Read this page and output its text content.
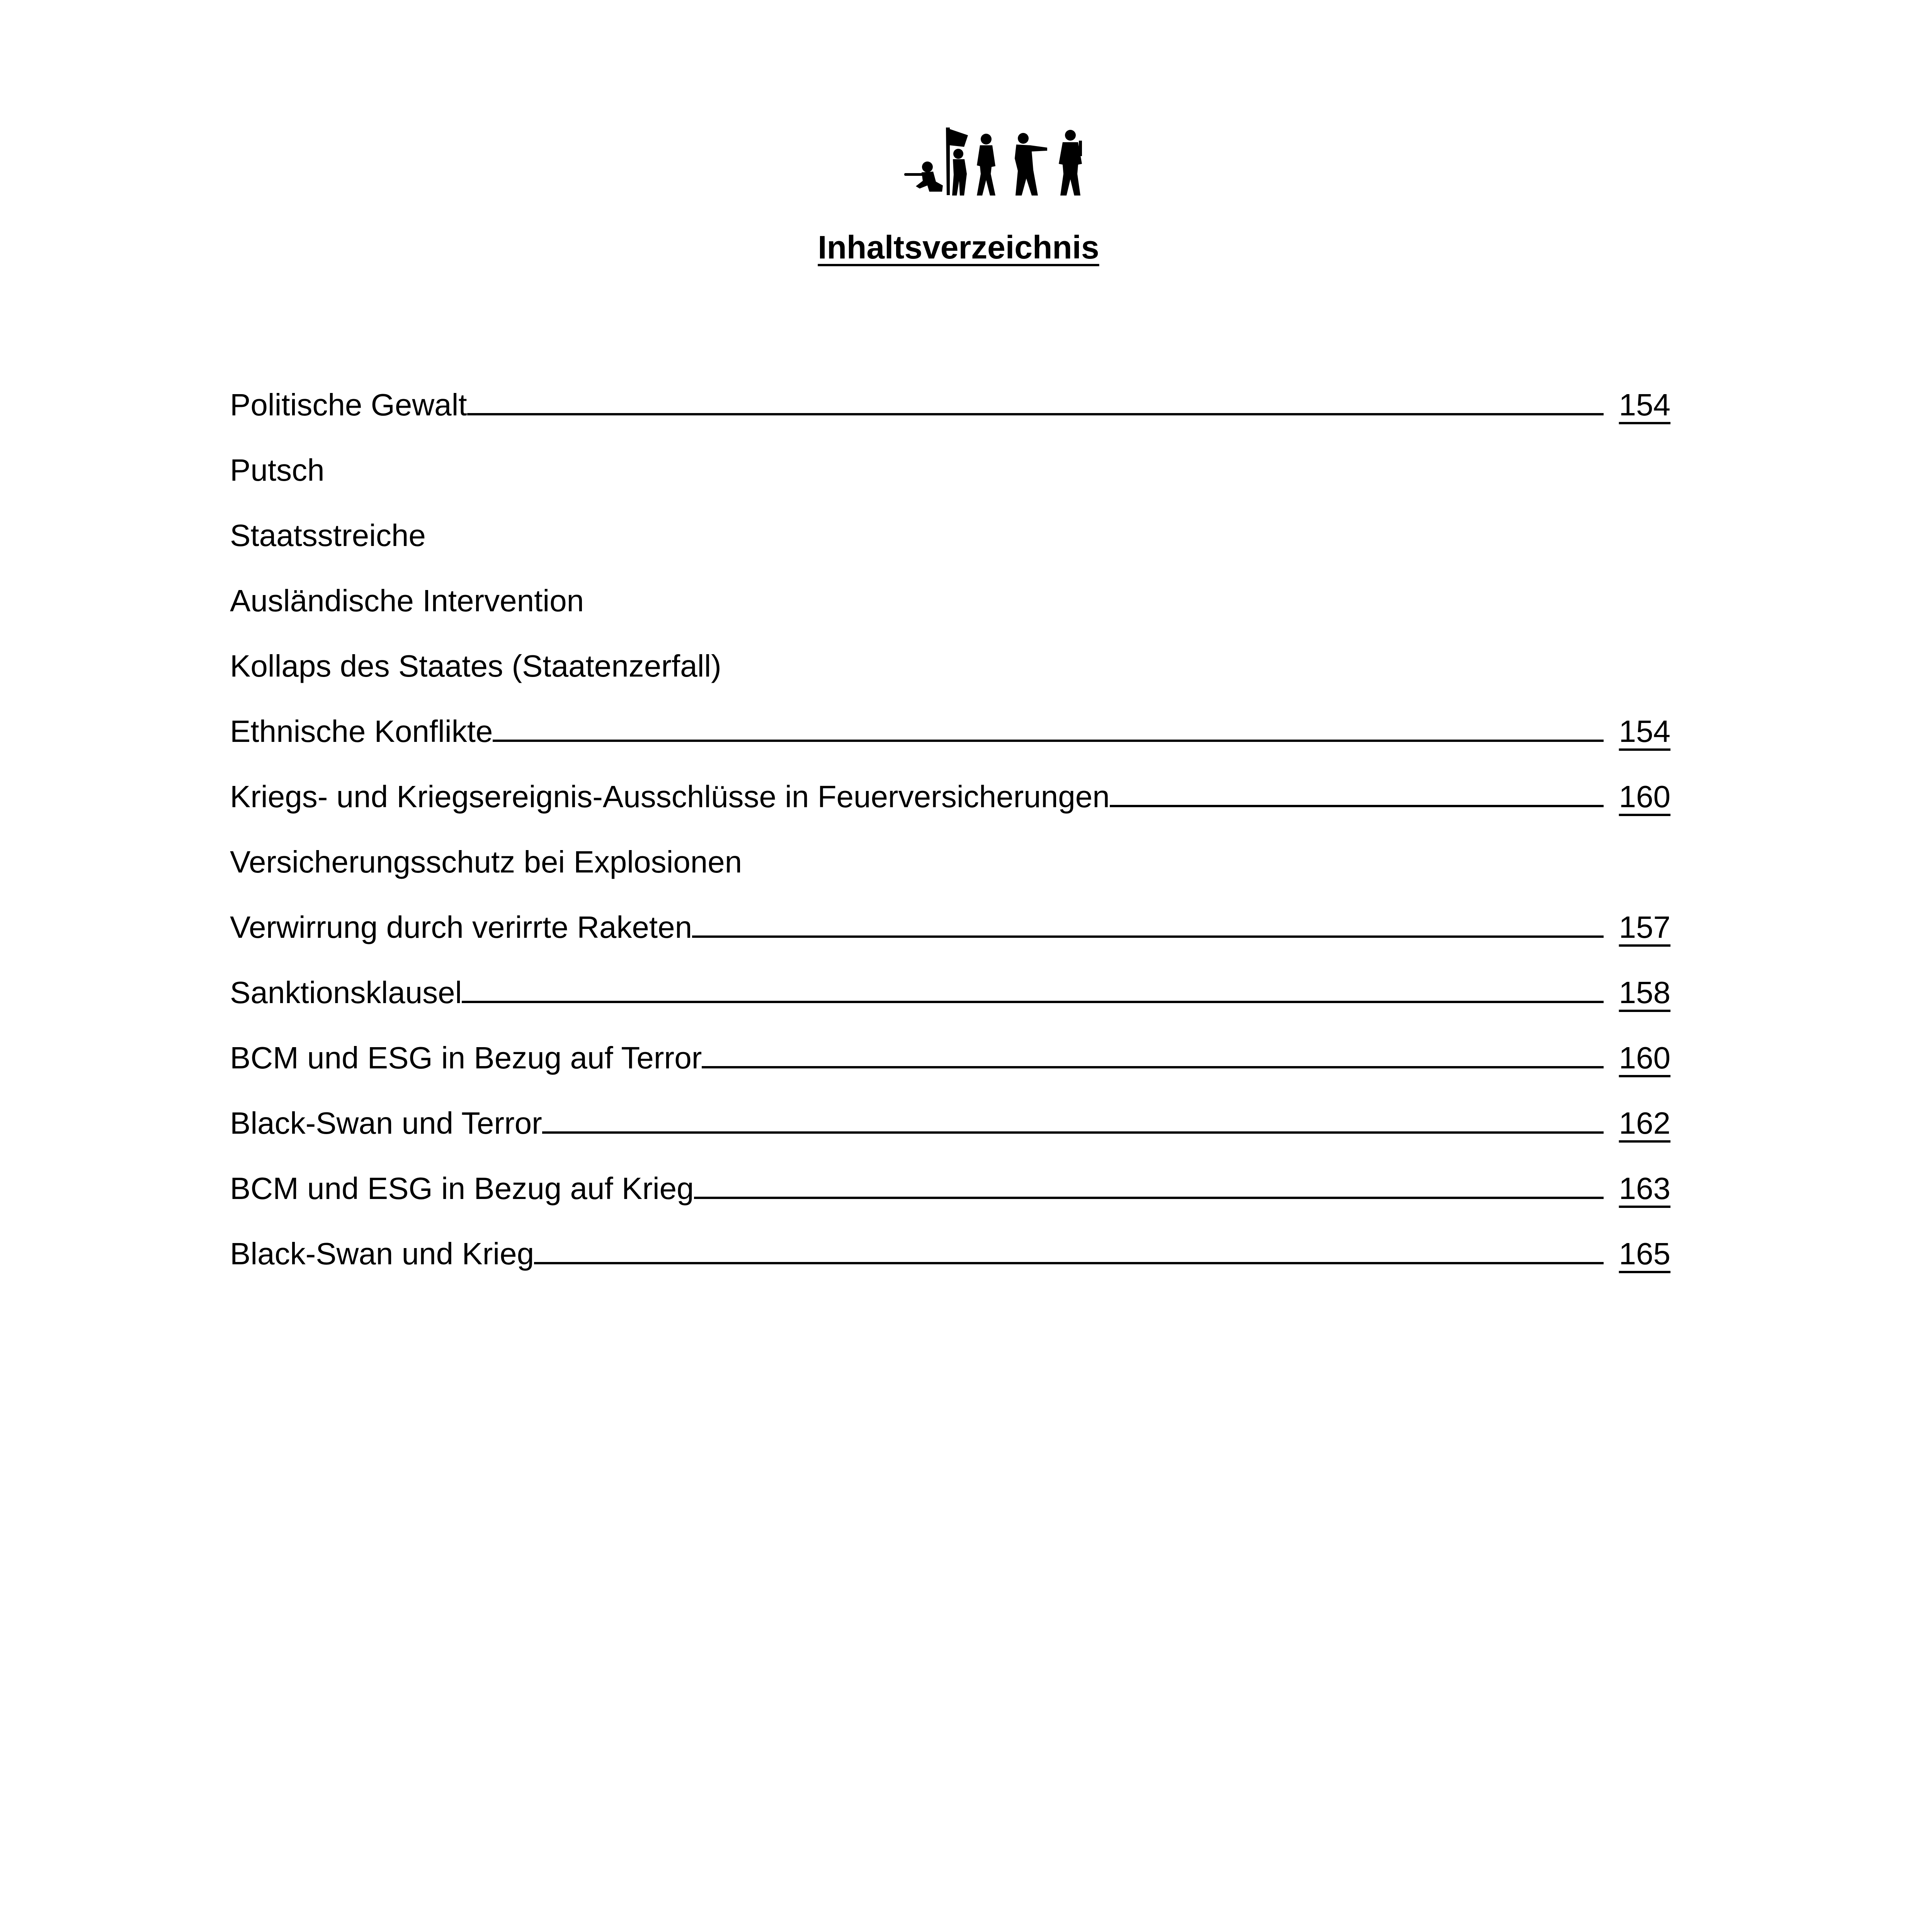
Inhaltsverzeichnis
Politische Gewalt	154
Putsch
Staatsstreiche
Ausländische Intervention
Kollaps des Staates (Staatenzerfall)
Ethnische Konflikte	154
Kriegs- und Kriegsereignis-Ausschlüsse in Feuerversicherungen	160
Versicherungsschutz bei Explosionen
Verwirrung durch verirrte Raketen	157
Sanktionsklausel	158
BCM und ESG in Bezug auf Terror	160
Black-Swan und Terror	162
BCM und ESG in Bezug auf Krieg	163
Black-Swan und Krieg	165
